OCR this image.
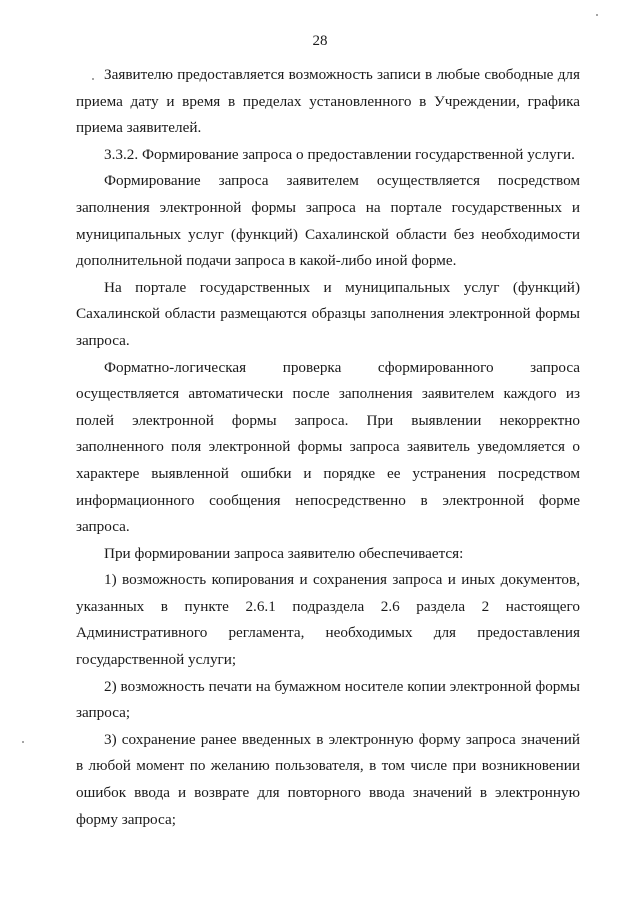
28

Заявителю предоставляется возможность записи в любые свободные для приема дату и время в пределах установленного в Учреждении, графика приема заявителей.

3.3.2. Формирование запроса о предоставлении государственной услуги.

Формирование запроса заявителем осуществляется посредством заполнения электронной формы запроса на портале государственных и муниципальных услуг (функций) Сахалинской области без необходимости дополнительной подачи запроса в какой-либо иной форме.

На портале государственных и муниципальных услуг (функций) Сахалинской области размещаются образцы заполнения электронной формы запроса.

Форматно-логическая проверка сформированного запроса осуществляется автоматически после заполнения заявителем каждого из полей электронной формы запроса. При выявлении некорректно заполненного поля электронной формы запроса заявитель уведомляется о характере выявленной ошибки и порядке ее устранения посредством информационного сообщения непосредственно в электронной форме запроса.

При формировании запроса заявителю обеспечивается:

1) возможность копирования и сохранения запроса и иных документов, указанных в пункте 2.6.1 подраздела 2.6 раздела 2 настоящего Административного регламента, необходимых для предоставления государственной услуги;

2) возможность печати на бумажном носителе копии электронной формы запроса;

3) сохранение ранее введенных в электронную форму запроса значений в любой момент по желанию пользователя, в том числе при возникновении ошибок ввода и возврате для повторного ввода значений в электронную форму запроса;
